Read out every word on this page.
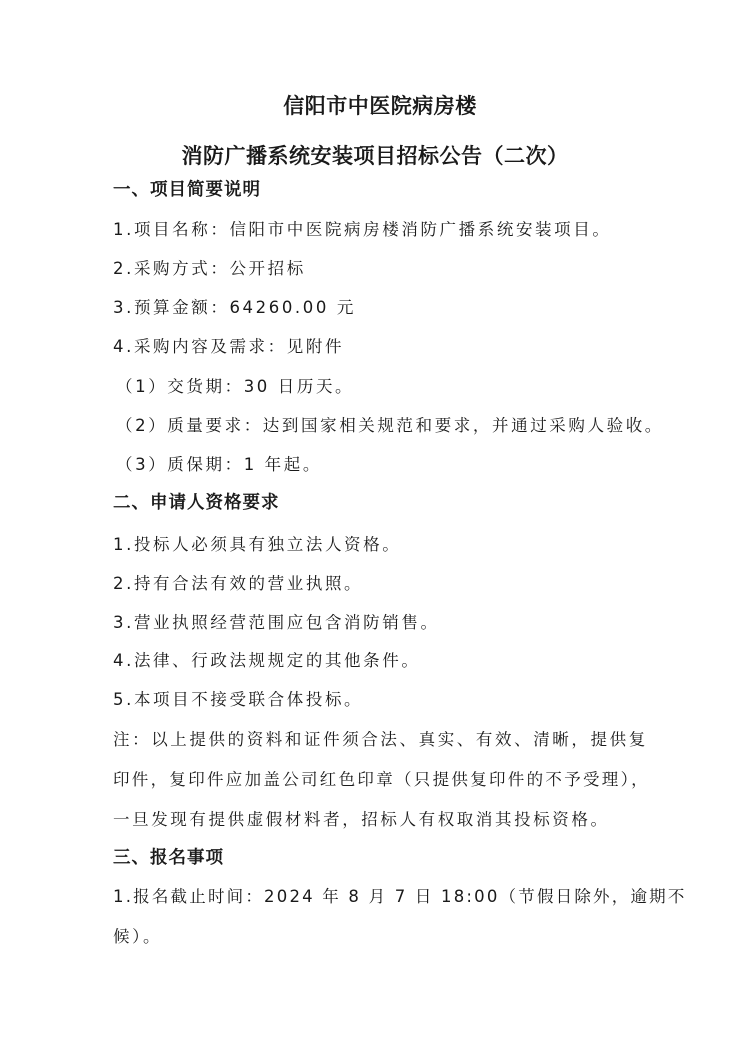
信阳市中医院病房楼
消防广播系统安装项目招标公告（二次）
一、项目简要说明
1.项目名称：信阳市中医院病房楼消防广播系统安装项目。
2.采购方式：公开招标
3.预算金额：64260.00 元
4.采购内容及需求：见附件
（1）交货期：30 日历天。
（2）质量要求：达到国家相关规范和要求，并通过采购人验收。
（3）质保期：1 年起。
二、申请人资格要求
1.投标人必须具有独立法人资格。
2.持有合法有效的营业执照。
3.营业执照经营范围应包含消防销售。
4.法律、行政法规规定的其他条件。
5.本项目不接受联合体投标。
注：以上提供的资料和证件须合法、真实、有效、清晰，提供复
印件，复印件应加盖公司红色印章（只提供复印件的不予受理），
一旦发现有提供虚假材料者，招标人有权取消其投标资格。
三、报名事项
1.报名截止时间：2024 年 8 月 7 日 18:00（节假日除外，逾期不
候）。
